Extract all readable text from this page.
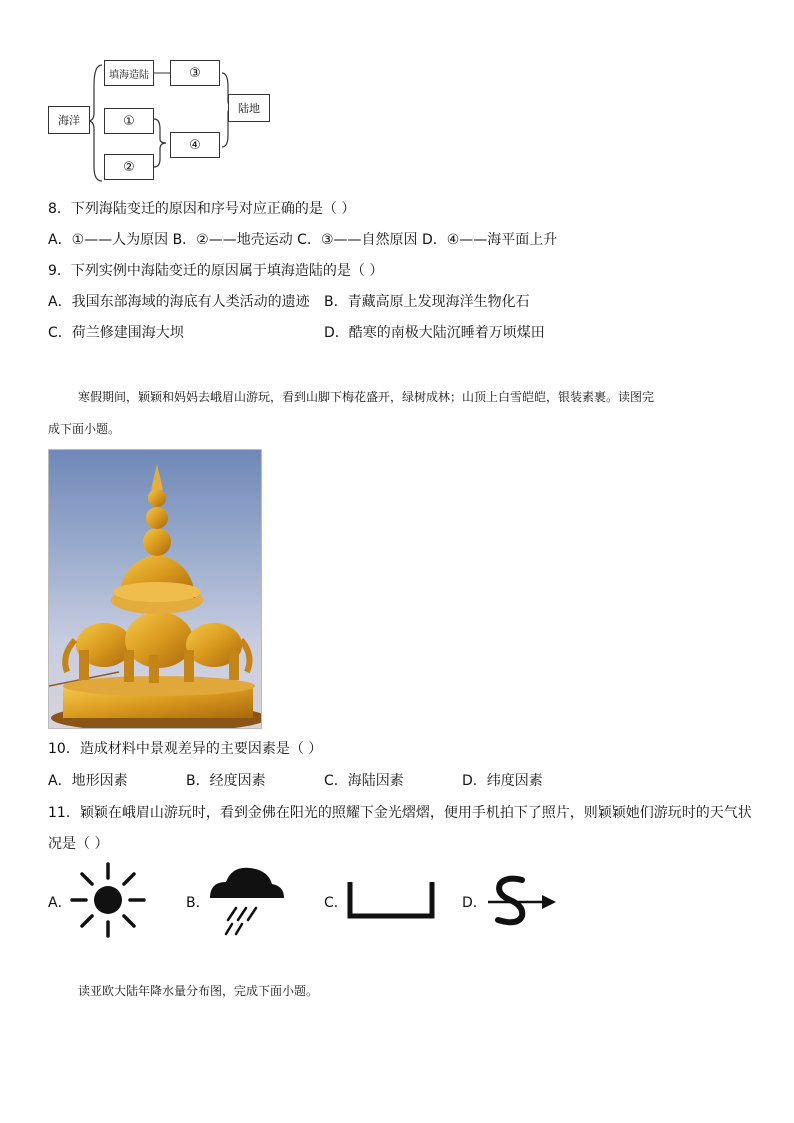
海洋
填海造陆	③
①
④
②
陆地
8．下列海陆变迁的原因和序号对应正确的是（ ）
A．①——人为原因 B．②——地壳运动 C．③——自然原因 D．④——海平面上升
9．下列实例中海陆变迁的原因属于填海造陆的是（ ）
A．我国东部海域的海底有人类活动的遗迹 B．青藏高原上发现海洋生物化石
C．荷兰修建围海大坝	D．酷寒的南极大陆沉睡着万顷煤田
寒假期间，颖颖和妈妈去峨眉山游玩，看到山脚下梅花盛开，绿树成林；山顶上白雪皑皑，银装素裹。读图完
成下面小题。
10．造成材料中景观差异的主要因素是（ ）
A．地形因素	B．经度因素	C．海陆因素	D．纬度因素
11．颖颖在峨眉山游玩时，看到金佛在阳光的照耀下金光熠熠，便用手机拍下了照片，则颖颖她们游玩时的天气状
况是（ ）
A．	B．	C．	D．
读亚欧大陆年降水量分布图，完成下面小题。
